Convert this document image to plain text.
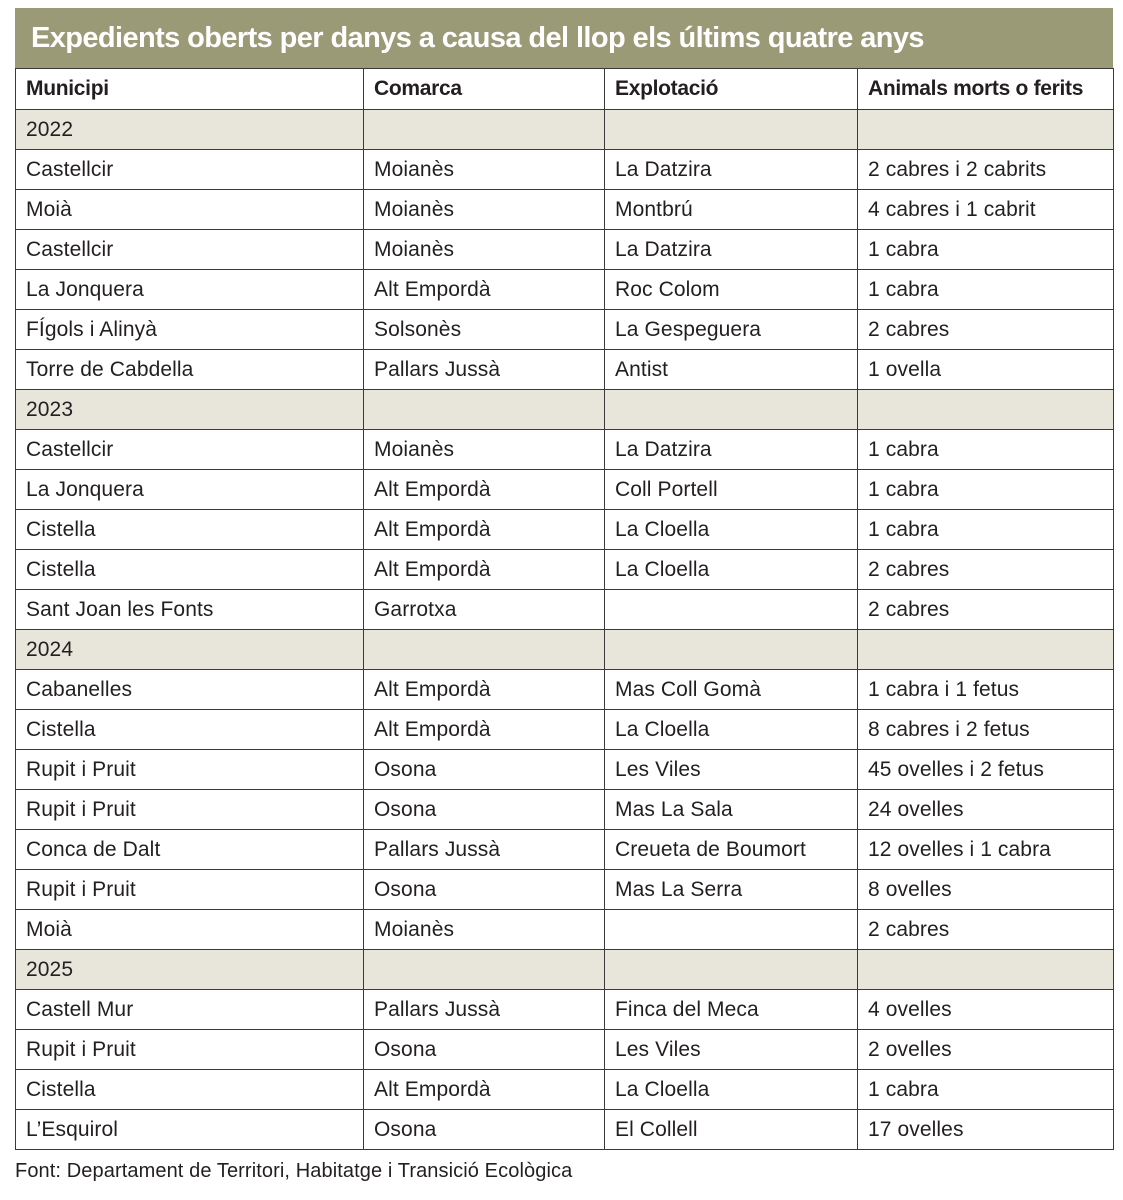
Expedients oberts per danys a causa del llop els últims quatre anys
Municipi	Comarca	Explotació	Animals morts o ferits
2022			
Castellcir	Moianès	La Datzira	2 cabres i 2 cabrits
Moià	Moianès	Montbrú	4 cabres i 1 cabrit
Castellcir	Moianès	La Datzira	1 cabra
La Jonquera	Alt Empordà	Roc Colom	1 cabra
FÍgols i Alinyà	Solsonès	La Gespeguera	2 cabres
Torre de Cabdella	Pallars Jussà	Antist	1 ovella
2023			
Castellcir	Moianès	La Datzira	1 cabra
La Jonquera	Alt Empordà	Coll Portell	1 cabra
Cistella	Alt Empordà	La Cloella	1 cabra
Cistella	Alt Empordà	La Cloella	2 cabres
Sant Joan les Fonts	Garrotxa		2 cabres
2024			
Cabanelles	Alt Empordà	Mas Coll Gomà	1 cabra i 1 fetus
Cistella	Alt Empordà	La Cloella	8 cabres i 2 fetus
Rupit i Pruit	Osona	Les Viles	45 ovelles i 2 fetus
Rupit i Pruit	Osona	Mas La Sala	24 ovelles
Conca de Dalt	Pallars Jussà	Creueta de Boumort	12 ovelles i 1 cabra
Rupit i Pruit	Osona	Mas La Serra	8 ovelles
Moià	Moianès		2 cabres
2025			
Castell Mur	Pallars Jussà	Finca del Meca	4 ovelles
Rupit i Pruit	Osona	Les Viles	2 ovelles
Cistella	Alt Empordà	La Cloella	1 cabra
L’Esquirol	Osona	El Collell	17 ovelles
Font: Departament de Territori, Habitatge i Transició Ecològica
